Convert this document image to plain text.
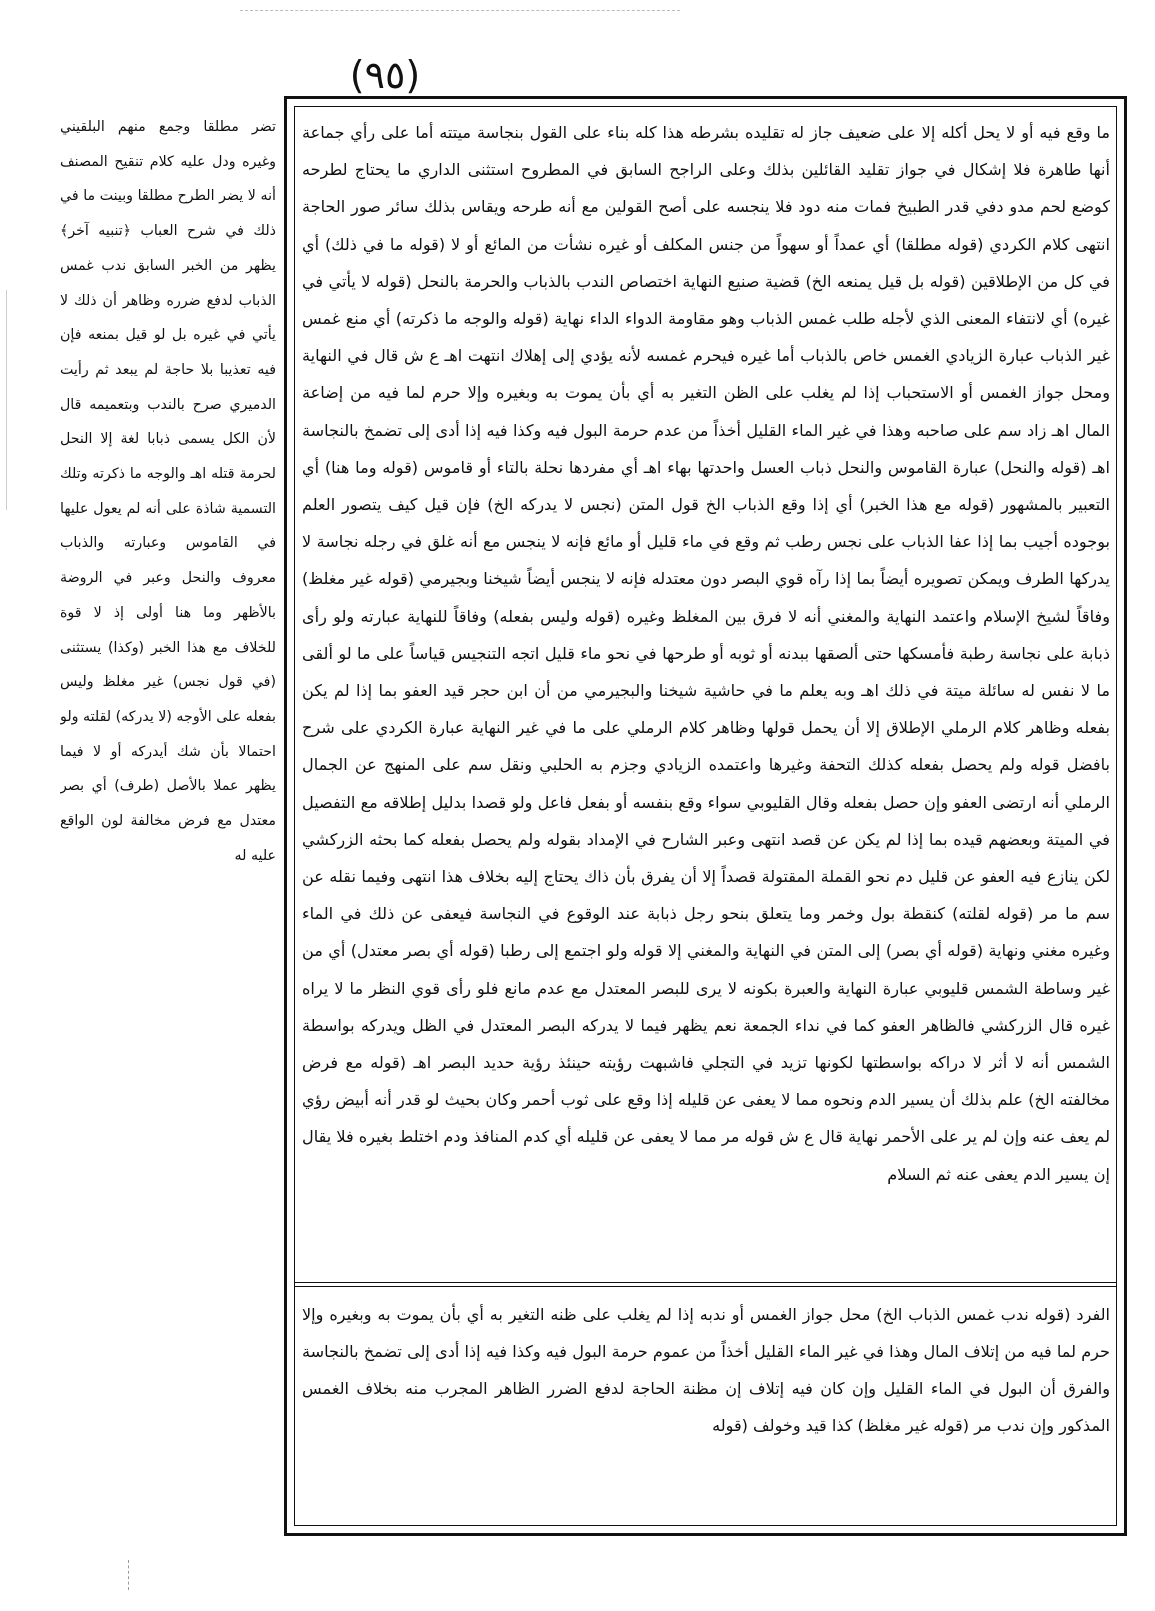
(٩٥)
ما وقع فيه أو لا يحل أكله إلا على ضعيف جاز له تقليده بشرطه هذا كله بناء على القول بنجاسة ميتته أما على رأي جماعة أنها طاهرة فلا إشكال في جواز تقليد القائلين بذلك وعلى الراجح السابق في المطروح استثنى الداري ما يحتاج لطرحه كوضع لحم مدو دفي قدر الطبيخ فمات منه دود فلا ينجسه على أصح القولين مع أنه طرحه ويقاس بذلك سائر صور الحاجة انتهى كلام الكردي (قوله مطلقا) أي عمداً أو سهواً من جنس المكلف أو غيره نشأت من المائع أو لا (قوله ما في ذلك) أي في كل من الإطلاقين (قوله بل قيل يمنعه الخ) قضية صنيع النهاية اختصاص الندب بالذباب والحرمة بالنحل (قوله لا يأتي في غيره) أي لانتفاء المعنى الذي لأجله طلب غمس الذباب وهو مقاومة الدواء الداء نهاية (قوله والوجه ما ذكرته) أي منع غمس غير الذباب عبارة الزيادي الغمس خاص بالذباب أما غيره فيحرم غمسه لأنه يؤدي إلى إهلاك انتهت اهـ ع ش قال في النهاية ومحل جواز الغمس أو الاستحباب إذا لم يغلب على الظن التغير به أي بأن يموت به وبغيره وإلا حرم لما فيه من إضاعة المال اهـ زاد سم على صاحبه وهذا في غير الماء القليل أخذاً من عدم حرمة البول فيه وكذا فيه إذا أدى إلى تضمخ بالنجاسة اهـ (قوله والنحل) عبارة القاموس والنحل ذباب العسل واحدتها بهاء اهـ أي مفردها نحلة بالتاء أو قاموس (قوله وما هنا) أي التعبير بالمشهور (قوله مع هذا الخبر) أي إذا وقع الذباب الخ قول المتن (نجس لا يدركه الخ) فإن قيل كيف يتصور العلم بوجوده أجيب بما إذا عفا الذباب على نجس رطب ثم وقع في ماء قليل أو مائع فإنه لا ينجس مع أنه غلق في رجله نجاسة لا يدركها الطرف ويمكن تصويره أيضاً بما إذا رآه قوي البصر دون معتدله فإنه لا ينجس أيضاً شيخنا وبجيرمي (قوله غير مغلظ) وفاقاً لشيخ الإسلام واعتمد النهاية والمغني أنه لا فرق بين المغلظ وغيره (قوله وليس بفعله) وفاقاً للنهاية عبارته ولو رأى ذبابة على نجاسة رطبة فأمسكها حتى ألصقها ببدنه أو ثوبه أو طرحها في نحو ماء قليل اتجه التنجيس قياساً على ما لو ألقى ما لا نفس له سائلة ميتة في ذلك اهـ وبه يعلم ما في حاشية شيخنا والبجيرمي من أن ابن حجر قيد العفو بما إذا لم يكن بفعله وظاهر كلام الرملي الإطلاق إلا أن يحمل قولها وظاهر كلام الرملي على ما في غير النهاية عبارة الكردي على شرح بافضل قوله ولم يحصل بفعله كذلك التحفة وغيرها واعتمده الزيادي وجزم به الحلبي ونقل سم على المنهج عن الجمال الرملي أنه ارتضى العفو وإن حصل بفعله وقال القليوبي سواء وقع بنفسه أو بفعل فاعل ولو قصدا بدليل إطلاقه مع التفصيل في الميتة وبعضهم قيده بما إذا لم يكن عن قصد انتهى وعبر الشارح في الإمداد بقوله ولم يحصل بفعله كما بحثه الزركشي لكن ينازع فيه العفو عن قليل دم نحو القملة المقتولة قصداً إلا أن يفرق بأن ذاك يحتاج إليه بخلاف هذا انتهى وفيما نقله عن سم ما مر (قوله لقلته) كنقطة بول وخمر وما يتعلق بنحو رجل ذبابة عند الوقوع في النجاسة فيعفى عن ذلك في الماء وغيره مغني ونهاية (قوله أي بصر) إلى المتن في النهاية والمغني إلا قوله ولو اجتمع إلى رطبا (قوله أي بصر معتدل) أي من غير وساطة الشمس قليوبي عبارة النهاية والعبرة بكونه لا يرى للبصر المعتدل مع عدم مانع فلو رأى قوي النظر ما لا يراه غيره قال الزركشي فالظاهر العفو كما في نداء الجمعة نعم يظهر فيما لا يدركه البصر المعتدل في الظل ويدركه بواسطة الشمس أنه لا أثر لا دراكه بواسطتها لكونها تزيد في التجلي فاشبهت رؤيته حينئذ رؤية حديد البصر اهـ (قوله مع فرض مخالفته الخ) علم بذلك أن يسير الدم ونحوه مما لا يعفى عن قليله إذا وقع على ثوب أحمر وكان بحيث لو قدر أنه أبيض رؤي لم يعف عنه وإن لم ير على الأحمر نهاية قال ع ش قوله مر مما لا يعفى عن قليله أي كدم المنافذ ودم اختلط بغيره فلا يقال إن يسير الدم يعفى عنه ثم السلام
الفرد (قوله ندب غمس الذباب الخ) محل جواز الغمس أو ندبه إذا لم يغلب على ظنه التغير به أي بأن يموت به وبغيره وإلا حرم لما فيه من إتلاف المال وهذا في غير الماء القليل أخذاً من عموم حرمة البول فيه وكذا فيه إذا أدى إلى تضمخ بالنجاسة والفرق أن البول في الماء القليل وإن كان فيه إتلاف إن مظنة الحاجة لدفع الضرر الظاهر المجرب منه بخلاف الغمس المذكور وإن ندب مر (قوله غير مغلظ) كذا قيد وخولف (قوله
تضر مطلقا وجمع منهم البلقيني وغيره ودل عليه كلام تنقيح المصنف أنه لا يضر الطرح مطلقا وبينت ما في ذلك في شرح العباب ﴿تنبيه آخر﴾ يظهر من الخبر السابق ندب غمس الذباب لدفع ضرره وظاهر أن ذلك لا يأتي في غيره بل لو قيل بمنعه فإن فيه تعذيبا بلا حاجة لم يبعد ثم رأيت الدميري صرح بالندب وبتعميمه قال لأن الكل يسمى ذبابا لغة إلا النحل لحرمة قتله اهـ والوجه ما ذكرته وتلك التسمية شاذة على أنه لم يعول عليها في القاموس وعبارته والذباب معروف والنحل وعبر في الروضة بالأظهر وما هنا أولى إذ لا قوة للخلاف مع هذا الخبر (وكذا) يستثنى (في قول نجس) غير مغلظ وليس بفعله على الأوجه (لا يدركه) لقلته ولو احتمالا بأن شك أيدركه أو لا فيما يظهر عملا بالأصل (طرف) أي بصر معتدل مع فرض مخالفة لون الواقع عليه له
